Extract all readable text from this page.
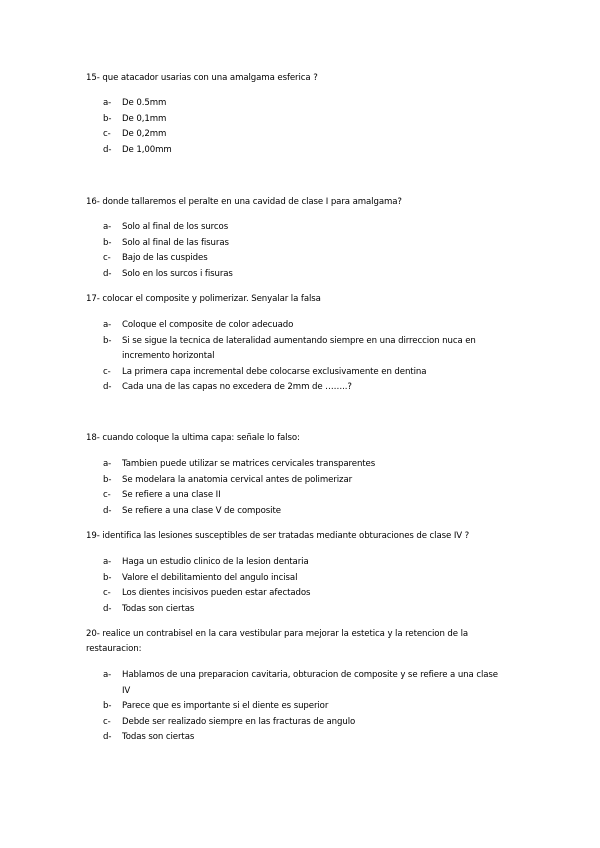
15- que atacador usarias con una amalgama esferica ?
a- De 0.5mm
b- De 0,1mm
c- De 0,2mm
d- De 1,00mm
16- donde tallaremos el peralte en una cavidad de clase I para amalgama?
a- Solo al final de los surcos
b- Solo al final de las fisuras
c- Bajo de las cuspides
d- Solo en los surcos i fisuras
17- colocar el composite y polimerizar. Senyalar la falsa
a- Coloque el composite de color adecuado
b- Si se sigue la tecnica de lateralidad aumentando siempre en una dirreccion nuca en incremento horizontal
c- La primera capa incremental debe colocarse exclusivamente en dentina
d- Cada una de las capas no excedera de 2mm de ……..?
18- cuando coloque la ultima capa: señale lo falso:
a- Tambien puede utilizar se matrices cervicales transparentes
b- Se modelara la anatomia cervical antes de polimerizar
c- Se refiere a una clase II
d- Se refiere a una clase V de composite
19- identifica las lesiones susceptibles de ser tratadas mediante obturaciones de clase IV ?
a- Haga un estudio clinico de la lesion dentaria
b- Valore el debilitamiento del angulo incisal
c- Los dientes incisivos pueden estar afectados
d- Todas son ciertas
20- realice un contrabisel en la cara vestibular para mejorar la estetica y la retencion de la restauracion:
a- Hablamos de una preparacion cavitaria, obturacion de composite y se refiere a una clase IV
b- Parece que es importante si el diente es superior
c- Debde ser realizado siempre en las fracturas de angulo
d- Todas son ciertas
